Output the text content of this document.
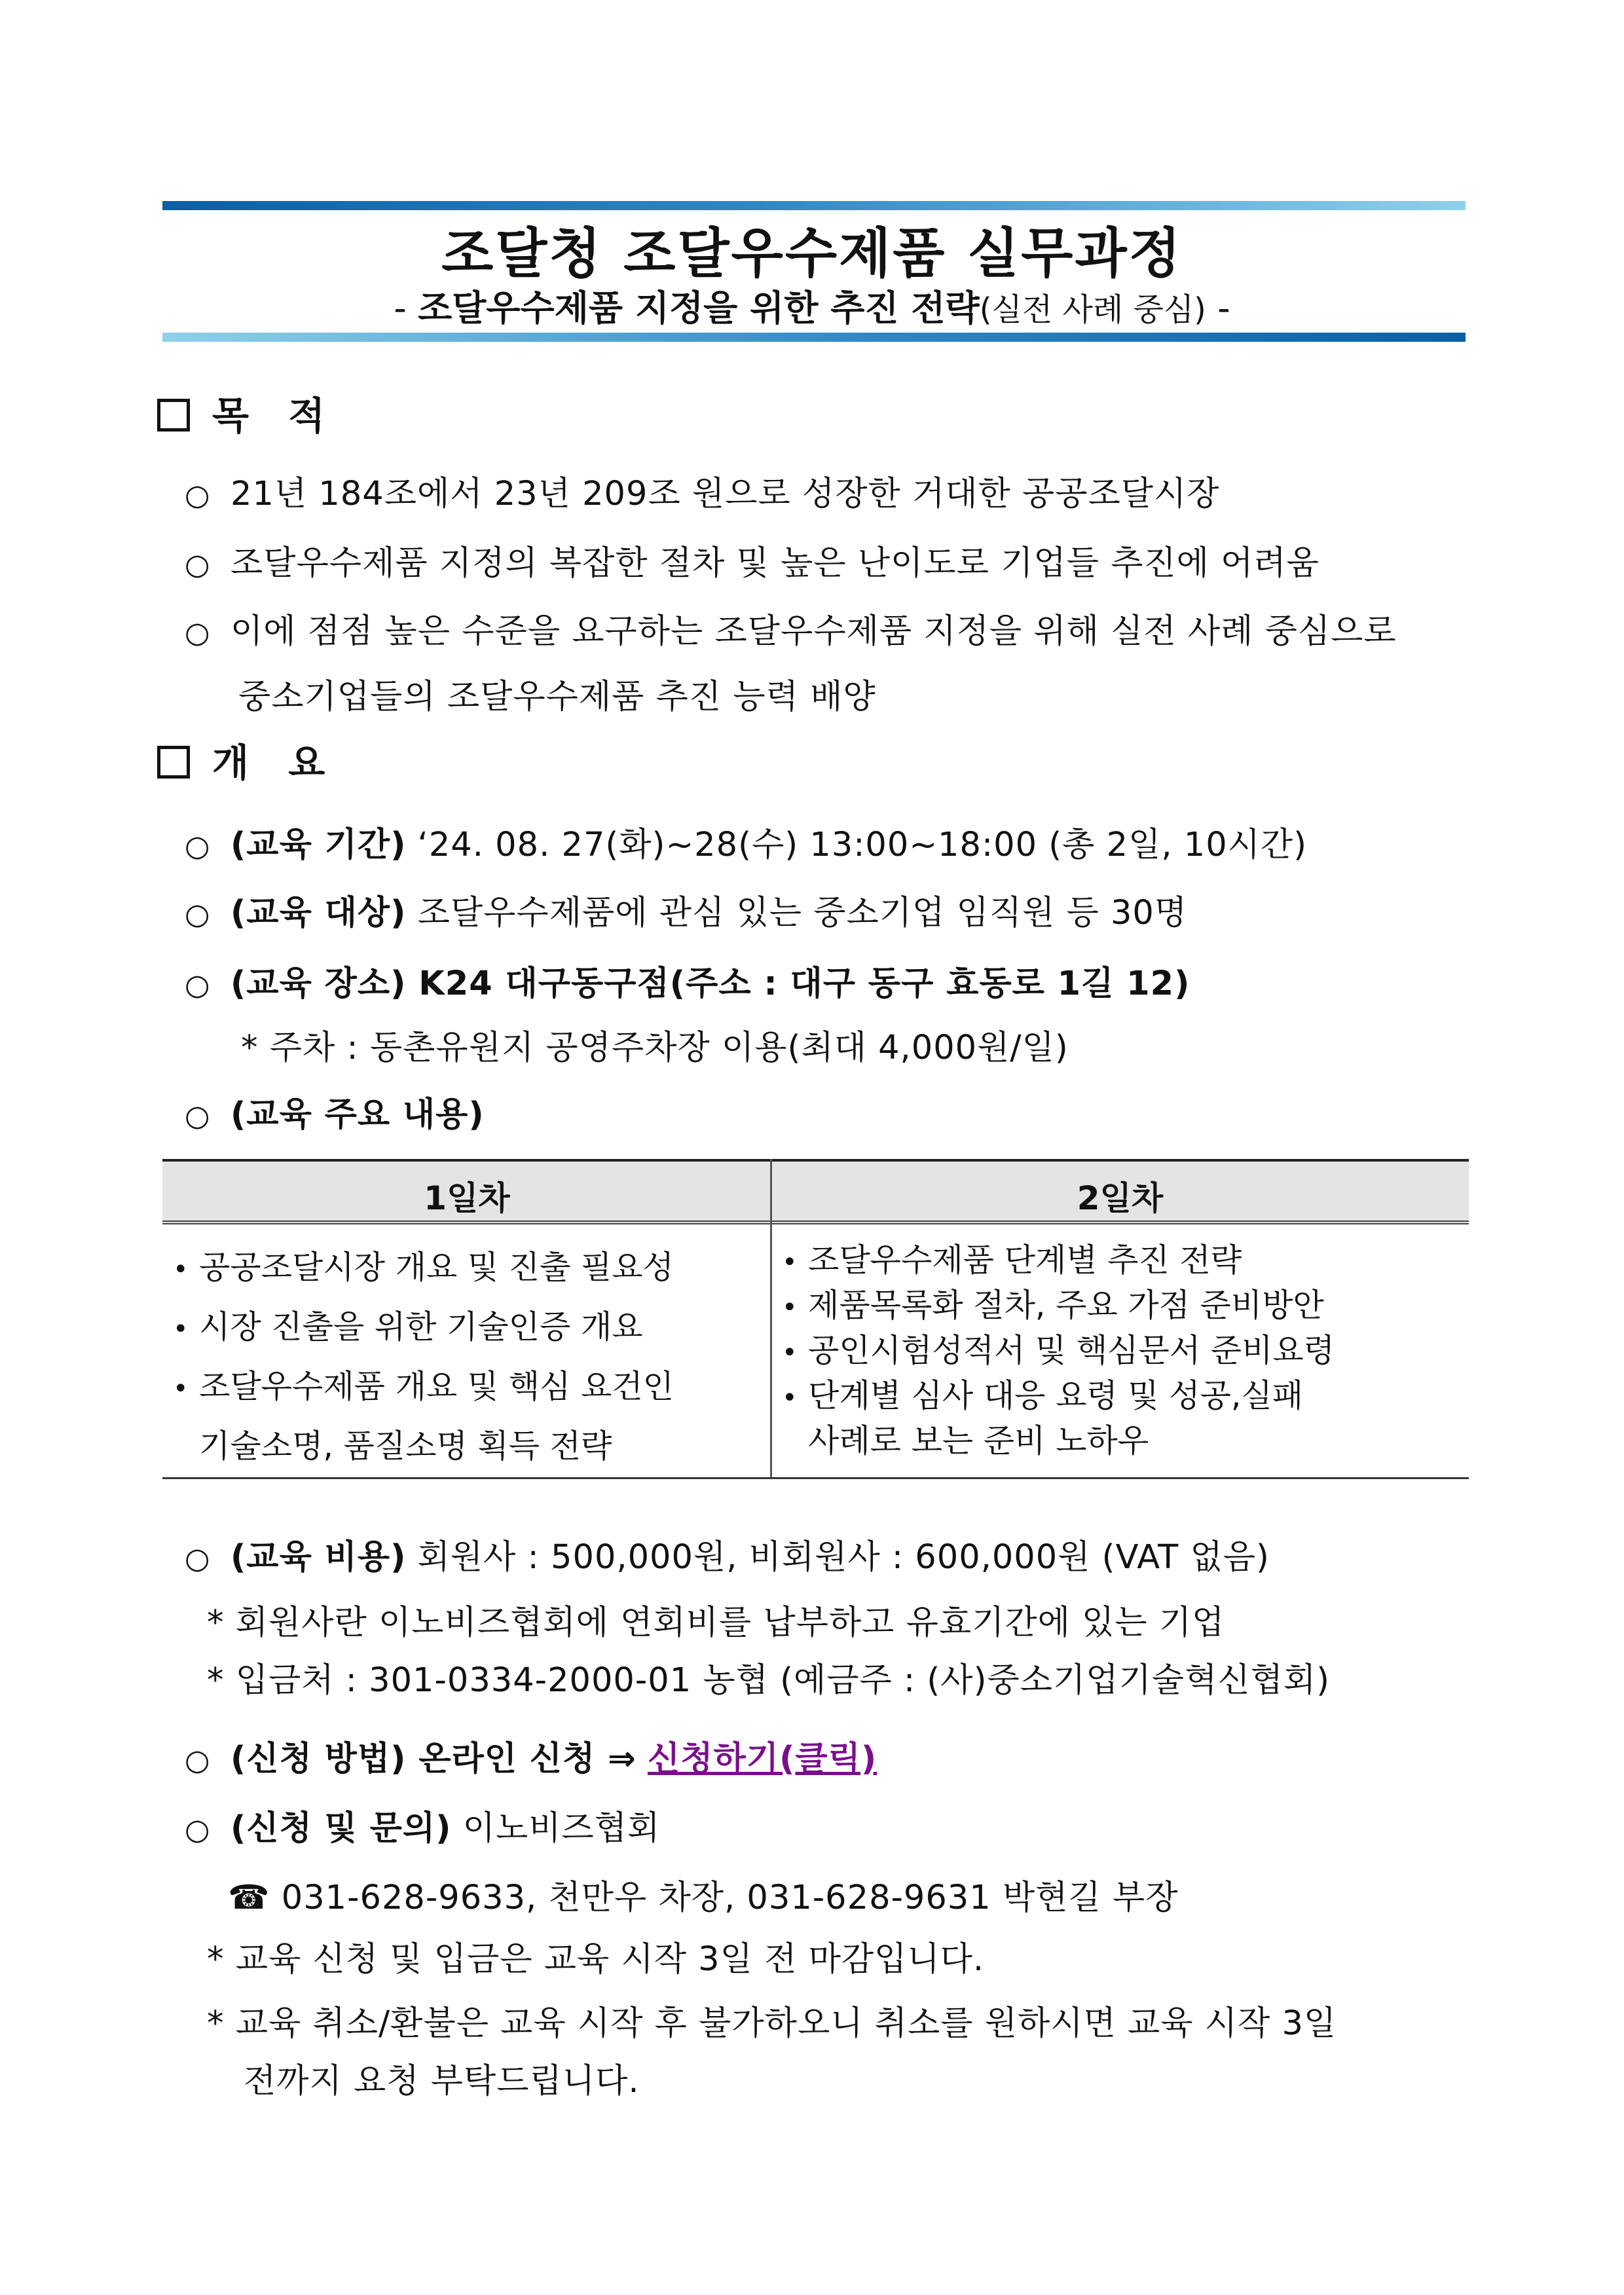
조달청 조달우수제품 실무과정
- 조달우수제품 지정을 위한 추진 전략(실전 사례 중심) -
목 적
○ 21년 184조에서 23년 209조 원으로 성장한 거대한 공공조달시장
○ 조달우수제품 지정의 복잡한 절차 및 높은 난이도로 기업들 추진에 어려움
○ 이에 점점 높은 수준을 요구하는 조달우수제품 지정을 위해 실전 사례 중심으로
중소기업들의 조달우수제품 추진 능력 배양
개 요
○ (교육 기간) ‘24. 08. 27(화)~28(수) 13:00~18:00 (총 2일, 10시간)
○ (교육 대상) 조달우수제품에 관심 있는 중소기업 임직원 등 30명
○ (교육 장소) K24 대구동구점(주소 : 대구 동구 효동로 1길 12)
* 주차 : 동촌유원지 공영주차장 이용(최대 4,000원/일)
○ (교육 주요 내용)
1일차	2일차
• 공공조달시장 개요 및 진출 필요성
• 시장 진출을 위한 기술인증 개요
• 조달우수제품 개요 및 핵심 요건인
기술소명, 품질소명 획득 전략
• 조달우수제품 단계별 추진 전략
• 제품목록화 절차, 주요 가점 준비방안
• 공인시험성적서 및 핵심문서 준비요령
• 단계별 심사 대응 요령 및 성공,실패
사례로 보는 준비 노하우
○ (교육 비용) 회원사 : 500,000원, 비회원사 : 600,000원 (VAT 없음)
* 회원사란 이노비즈협회에 연회비를 납부하고 유효기간에 있는 기업
* 입금처 : 301-0334-2000-01 농협 (예금주 : (사)중소기업기술혁신협회)
○ (신청 방법) 온라인 신청 ⇒ 신청하기(클릭)
○ (신청 및 문의) 이노비즈협회
☎ 031-628-9633, 천만우 차장, 031-628-9631 박현길 부장
* 교육 신청 및 입금은 교육 시작 3일 전 마감입니다.
* 교육 취소/환불은 교육 시작 후 불가하오니 취소를 원하시면 교육 시작 3일
전까지 요청 부탁드립니다.
